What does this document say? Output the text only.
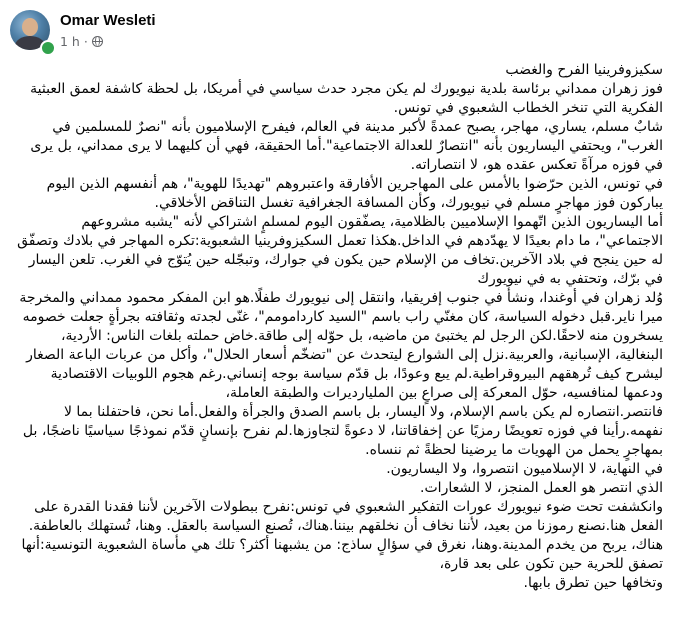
Omar Wesleti
1 h ·

سكيزوفرينيا الفرح والغضب

فوز زهران ممداني برئاسة بلدية نيويورك لم يكن مجرد حدث سياسي في أمريكا، بل لحظة كاشفة لعمق العبثية الفكرية التي تنخر الخطاب الشعبوي في تونس.

شابٌ مسلم، يساري، مهاجر، يصبح عمدةً لأكبر مدينة في العالم، فيفرح الإسلاميون بأنه "نصرٌ للمسلمين في الغرب"، ويحتفي اليساريون بأنه "انتصارٌ للعدالة الاجتماعية".أما الحقيقة، فهي أن كليهما لا يرى ممداني، بل يرى في فوزه مرآةً تعكس عقده هو، لا انتصاراته.

في تونس، الذين حرّضوا بالأمس على المهاجرين الأفارقة واعتبروهم "تهديدًا للهوية"، هم أنفسهم الذين اليوم يباركون فوز مهاجرٍ مسلم في نيويورك، وكأن المسافة الجغرافية تغسل التناقض الأخلاقي.

أما اليساريون الذين اتّهموا الإسلاميين بالظلامية، يصفّقون اليوم لمسلمٍ اشتراكي لأنه "يشبه مشروعهم الاجتماعي"، ما دام بعيدًا لا يهدّدهم في الداخل.هكذا تعمل السكيزوفرينيا الشعبوية:تكره المهاجر في بلادك وتصفّق له حين ينجح في بلاد الآخرين.تخاف من الإسلام حين يكون في جوارك، وتبجّله حين يُتوّج في الغرب. تلعن اليسار في برّك، وتحتفي به في نيويورك

وُلد زهران في أوغندا، ونشأ في جنوب إفريقيا، وانتقل إلى نيويورك طفلًا.هو ابن المفكر محمود ممداني والمخرجة ميرا ناير.قبل دخوله السياسة، كان مغنّي راب باسم "السيد كاردامومم"، غنّى لجدته وثقافته بجرأةٍ جعلت خصومه يسخرون منه لاحقًا.لكن الرجل لم يختبئ من ماضيه، بل حوّله إلى طاقة.خاض حملته بلغات الناس: الأردية، البنغالية، الإسبانية، والعربية.نزل إلى الشوارع ليتحدث عن "تضخّم أسعار الحلال"، وأكل من عربات الباعة الصغار ليشرح كيف تُرهقهم البيروقراطية.لم يبع وعودًا، بل قدّم سياسة بوجه إنساني.رغم هجوم اللوبيات الاقتصادية ودعمها لمنافسيه، حوّل المعركة إلى صراعٍ بين المليارديرات والطبقة العاملة،

فانتصر.انتصاره لم يكن باسم الإسلام، ولا اليسار، بل باسم الصدق والجرأة والفعل.أما نحن، فاحتفلنا بما لا نفهمه.رأينا في فوزه تعويضًا رمزيًا عن إخفاقاتنا، لا دعوةً لتجاوزها.لم نفرح بإنسانٍ قدّم نموذجًا سياسيًا ناضجًا، بل بمهاجرٍ يحمل من الهويات ما يرضينا لحظةً ثم ننساه.

في النهاية، لا الإسلاميون انتصروا، ولا اليساريون.

الذي انتصر هو العمل المنجز، لا الشعارات.

وانكشفت تحت ضوء نيويورك عورات التفكير الشعبوي في تونس:نفرح ببطولات الآخرين لأننا فقدنا القدرة على الفعل هنا.نصنع رموزنا من بعيد، لأننا نخاف أن نخلقهم بيننا.هناك، تُصنع السياسة بالعقل. وهنا، تُستهلك بالعاطفة.

هناك، يربح من يخدم المدينة.وهنا، نغرق في سؤالٍ ساذج: من يشبهنا أكثر؟ تلك هي مأساة الشعبوية التونسية:أنها تصفق للحرية حين تكون على بعد قارة،

وتخافها حين تطرق بابها.
